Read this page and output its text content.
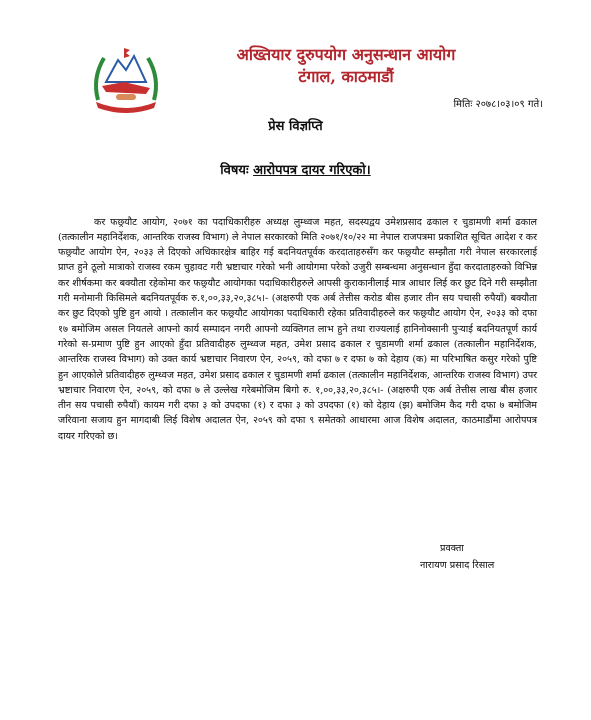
अख्तियार दुरुपयोग अनुसन्धान आयोग
टंगाल, काठमाडौं
मितिः २०७८।०३।०९ गते।
प्रेस विज्ञप्ति
विषयः आरोपपत्र दायर गरिएको।

कर फछ्र्यौट आयोग, २०७१ का पदाधिकारीहरु अध्यक्ष लुम्ध्वज महत, सदस्यद्वय उमेशप्रसाद ढकाल र चुडामणी शर्मा ढकाल (तत्कालीन महानिर्देशक, आन्तरिक राजस्व विभाग) ले नेपाल सरकारको मिति २०७१/१०/२२ मा नेपाल राजपत्रमा प्रकाशित सूचित आदेश र कर फछ्र्यौट आयोग ऐन, २०३३ ले दिएको अधिकारक्षेत्र बाहिर गई बदनियतपूर्वक करदाताहरुसँग कर फछ्र्यौट सम्झौता गरी नेपाल सरकारलाई प्राप्त हुने ठूलो मात्राको राजस्व रकम चुहावट गरी भ्रष्टाचार गरेको भनी आयोगमा परेको उजुरी सम्बन्धमा अनुसन्धान हुँदा करदाताहरुको विभिन्न कर शीर्षकमा कर बक्यौता रहेकोमा कर फछ्र्यौट आयोगका पदाधिकारीहरुले आपसी कुराकानीलाई मात्र आधार लिई कर छुट दिने गरी सम्झौता गरी मनोमानी किसिमले बदनियतपूर्वक रु.१,००,३३,२०,३८५।- (अक्षरुपी एक अर्ब तेत्तीस करोड बीस हजार तीन सय पचासी रुपैयाँ) बक्यौता कर छुट दिएको पुष्टि हुन आयो । तत्कालीन कर फछ्र्यौट आयोगका पदाधिकारी रहेका प्रतिवादीहरुले कर फछ्र्यौट आयोग ऐन, २०३३ को दफा १७ बमोजिम असल नियतले आफ्नो कार्य सम्पादन नगरी आफ्नो व्यक्तिगत लाभ हुने तथा राज्यलाई हानिनोक्सानी पुऱ्याई बदनियतपूर्ण कार्य गरेको स-प्रमाण पुष्टि हुन आएको हुँदा प्रतिवादीहरु लुम्ध्वज महत, उमेश प्रसाद ढकाल र चुडामणी शर्मा ढकाल (तत्कालीन महानिर्देशक, आन्तरिक राजस्व विभाग) को उक्त कार्य भ्रष्टाचार निवारण ऐन, २०५९, को दफा ७ र दफा ७ को देहाय (क) मा परिभाषित कसुर गरेको पुष्टि हुन आएकोले प्रतिवादीहरु लुम्ध्वज महत, उमेश प्रसाद ढकाल र चुडामणी शर्मा ढकाल (तत्कालीन महानिर्देशक, आन्तरिक राजस्व विभाग) उपर भ्रष्टाचार निवारण ऐन, २०५९, को दफा ७ ले उल्लेख गरेबमोजिम बिगो रु. १,००,३३,२०,३८५।- (अक्षरुपी एक अर्ब तेत्तीस लाख बीस हजार तीन सय पचासी रुपैयाँ) कायम गरी दफा ३ को उपदफा (१) र दफा ३ को उपदफा (१) को देहाय (झ) बमोजिम कैद गरी दफा ७ बमोजिम जरिवाना सजाय हुन मागदाबी लिई विशेष अदालत ऐन, २०५९ को दफा ९ समेतको आधारमा आज विशेष अदालत, काठमाडौंमा आरोपपत्र दायर गरिएको छ।

प्रवक्ता
नारायण प्रसाद रिसाल
